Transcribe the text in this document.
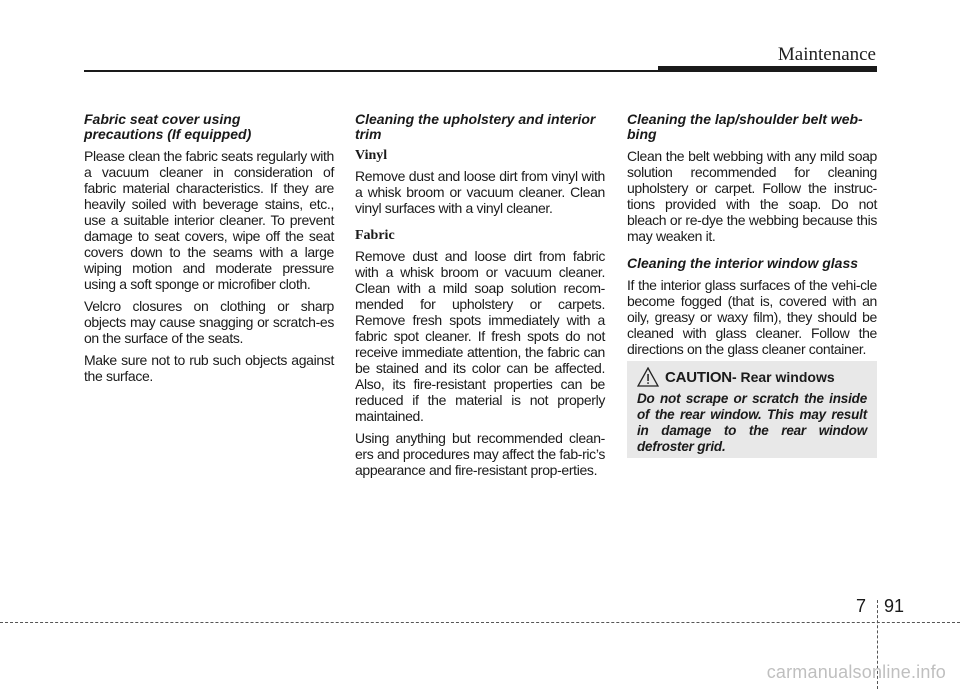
Maintenance
Fabric seat cover using
precautions (If equipped)

Please clean the fabric seats regularly with a vacuum cleaner in consideration of fabric material characteristics. If they are heavily soiled with beverage stains, etc., use a suitable interior cleaner. To prevent damage to seat covers, wipe off the seat covers down to the seams with a large wiping motion and moderate pressure using a soft sponge or microfiber cloth.

Velcro closures on clothing or sharp objects may cause snagging or scratch-es on the surface of the seats.

Make sure not to rub such objects against the surface.

Cleaning the upholstery and interior
trim
Vinyl

Remove dust and loose dirt from vinyl with a whisk broom or vacuum cleaner. Clean vinyl surfaces with a vinyl cleaner.

Fabric

Remove dust and loose dirt from fabric with a whisk broom or vacuum cleaner. Clean with a mild soap solution recom-mended for upholstery or carpets. Remove fresh spots immediately with a fabric spot cleaner. If fresh spots do not receive immediate attention, the fabric can be stained and its color can be affected. Also, its fire-resistant properties can be reduced if the material is not properly maintained.

Using anything but recommended clean-ers and procedures may affect the fab-ric’s appearance and fire-resistant prop-erties.

Cleaning the lap/shoulder belt web-
bing

Clean the belt webbing with any mild soap solution recommended for cleaning upholstery or carpet. Follow the instruc-tions provided with the soap. Do not bleach or re-dye the webbing because this may weaken it.

Cleaning the interior window glass

If the interior glass surfaces of the vehi-cle become fogged (that is, covered with an oily, greasy or waxy film), they should be cleaned with glass cleaner. Follow the directions on the glass cleaner container.

CAUTION - Rear windows

Do not scrape or scratch the inside of the rear window. This may result in damage to the rear window defroster grid.

7 91
carmanualsonline.info
